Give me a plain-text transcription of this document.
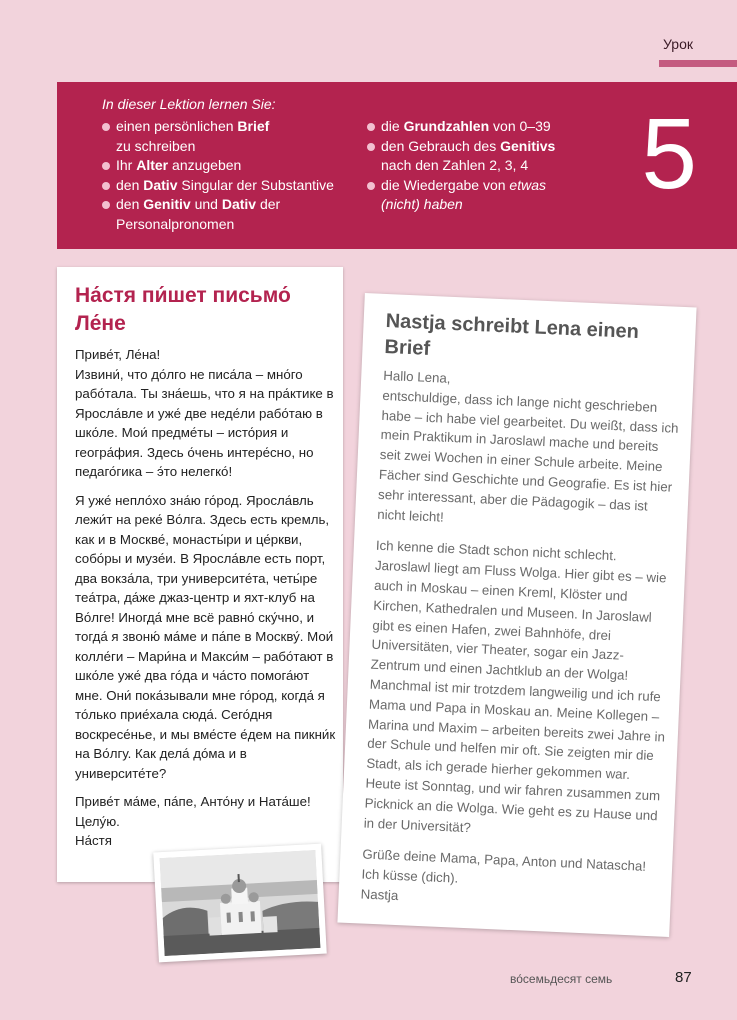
Урок
In dieser Lektion lernen Sie:
einen persönlichen Brief
zu schreiben
Ihr Alter anzugeben
den Dativ Singular der Substantive
den Genitiv und Dativ der
Personalpronomen
die Grundzahlen von 0–39
den Gebrauch des Genitivs
nach den Zahlen 2, 3, 4
die Wiedergabe von etwas
(nicht) haben	5
На́стя пи́шет письмо́ Ле́не

Приве́т, Ле́на!
Извини́, что до́лго не писа́ла – мно́го рабо́тала. Ты зна́ешь, что я на пра́ктике в Яросла́вле и уже́ две неде́ли рабо́таю в шко́ле. Мои́ предме́ты – исто́рия и геогра́фия. Здесь о́чень интере́сно, но педаго́гика – э́то нелегко́!

Я уже́ непло́хо зна́ю го́род. Яросла́вль лежи́т на реке́ Во́лга. Здесь есть кремль, как и в Москве́, монасты́ри и це́ркви, собо́ры и музе́и. В Яросла́вле есть порт, два вокза́ла, три университе́та, четы́ре теа́тра, да́же джаз-центр и яхт-клуб на Во́лге! Иногда́ мне всё равно́ ску́чно, и тогда́ я звоню́ ма́ме и па́пе в Москву́. Мои́ колле́ги – Мари́на и Макси́м – рабо́тают в шко́ле уже́ два го́да и ча́сто помога́ют мне. Они́ пока́зывали мне го́род, когда́ я то́лько прие́хала сюда́. Сего́дня воскресе́нье, и мы вме́сте е́дем на пикни́к на Во́лгу. Как дела́ до́ма и в университе́те?

Приве́т ма́ме, па́пе, Анто́ну и Ната́ше!
Целу́ю.
На́стя

Nastja schreibt Lena einen Brief

Hallo Lena,
entschuldige, dass ich lange nicht geschrieben habe – ich habe viel gearbeitet. Du weißt, dass ich mein Praktikum in Jaroslawl mache und bereits seit zwei Wochen in einer Schule arbeite. Meine Fächer sind Geschichte und Geografie. Es ist hier sehr interessant, aber die Pädagogik – das ist nicht leicht!

Ich kenne die Stadt schon nicht schlecht. Jaroslawl liegt am Fluss Wolga. Hier gibt es – wie auch in Moskau – einen Kreml, Klöster und Kirchen, Kathedralen und Museen. In Jaroslawl gibt es einen Hafen, zwei Bahnhöfe, drei Universitäten, vier Theater, sogar ein Jazz-Zentrum und einen Jachtklub an der Wolga! Manchmal ist mir trotzdem langweilig und ich rufe Mama und Papa in Moskau an. Meine Kollegen – Marina und Maxim – arbeiten bereits zwei Jahre in der Schule und helfen mir oft. Sie zeigten mir die Stadt, als ich gerade hierher gekommen war. Heute ist Sonntag, und wir fahren zusammen zum Picknick an die Wolga. Wie geht es zu Hause und in der Universität?

Grüße deine Mama, Papa, Anton und Natascha!
Ich küsse (dich).
Nastja

во́семьдесят семь	87
